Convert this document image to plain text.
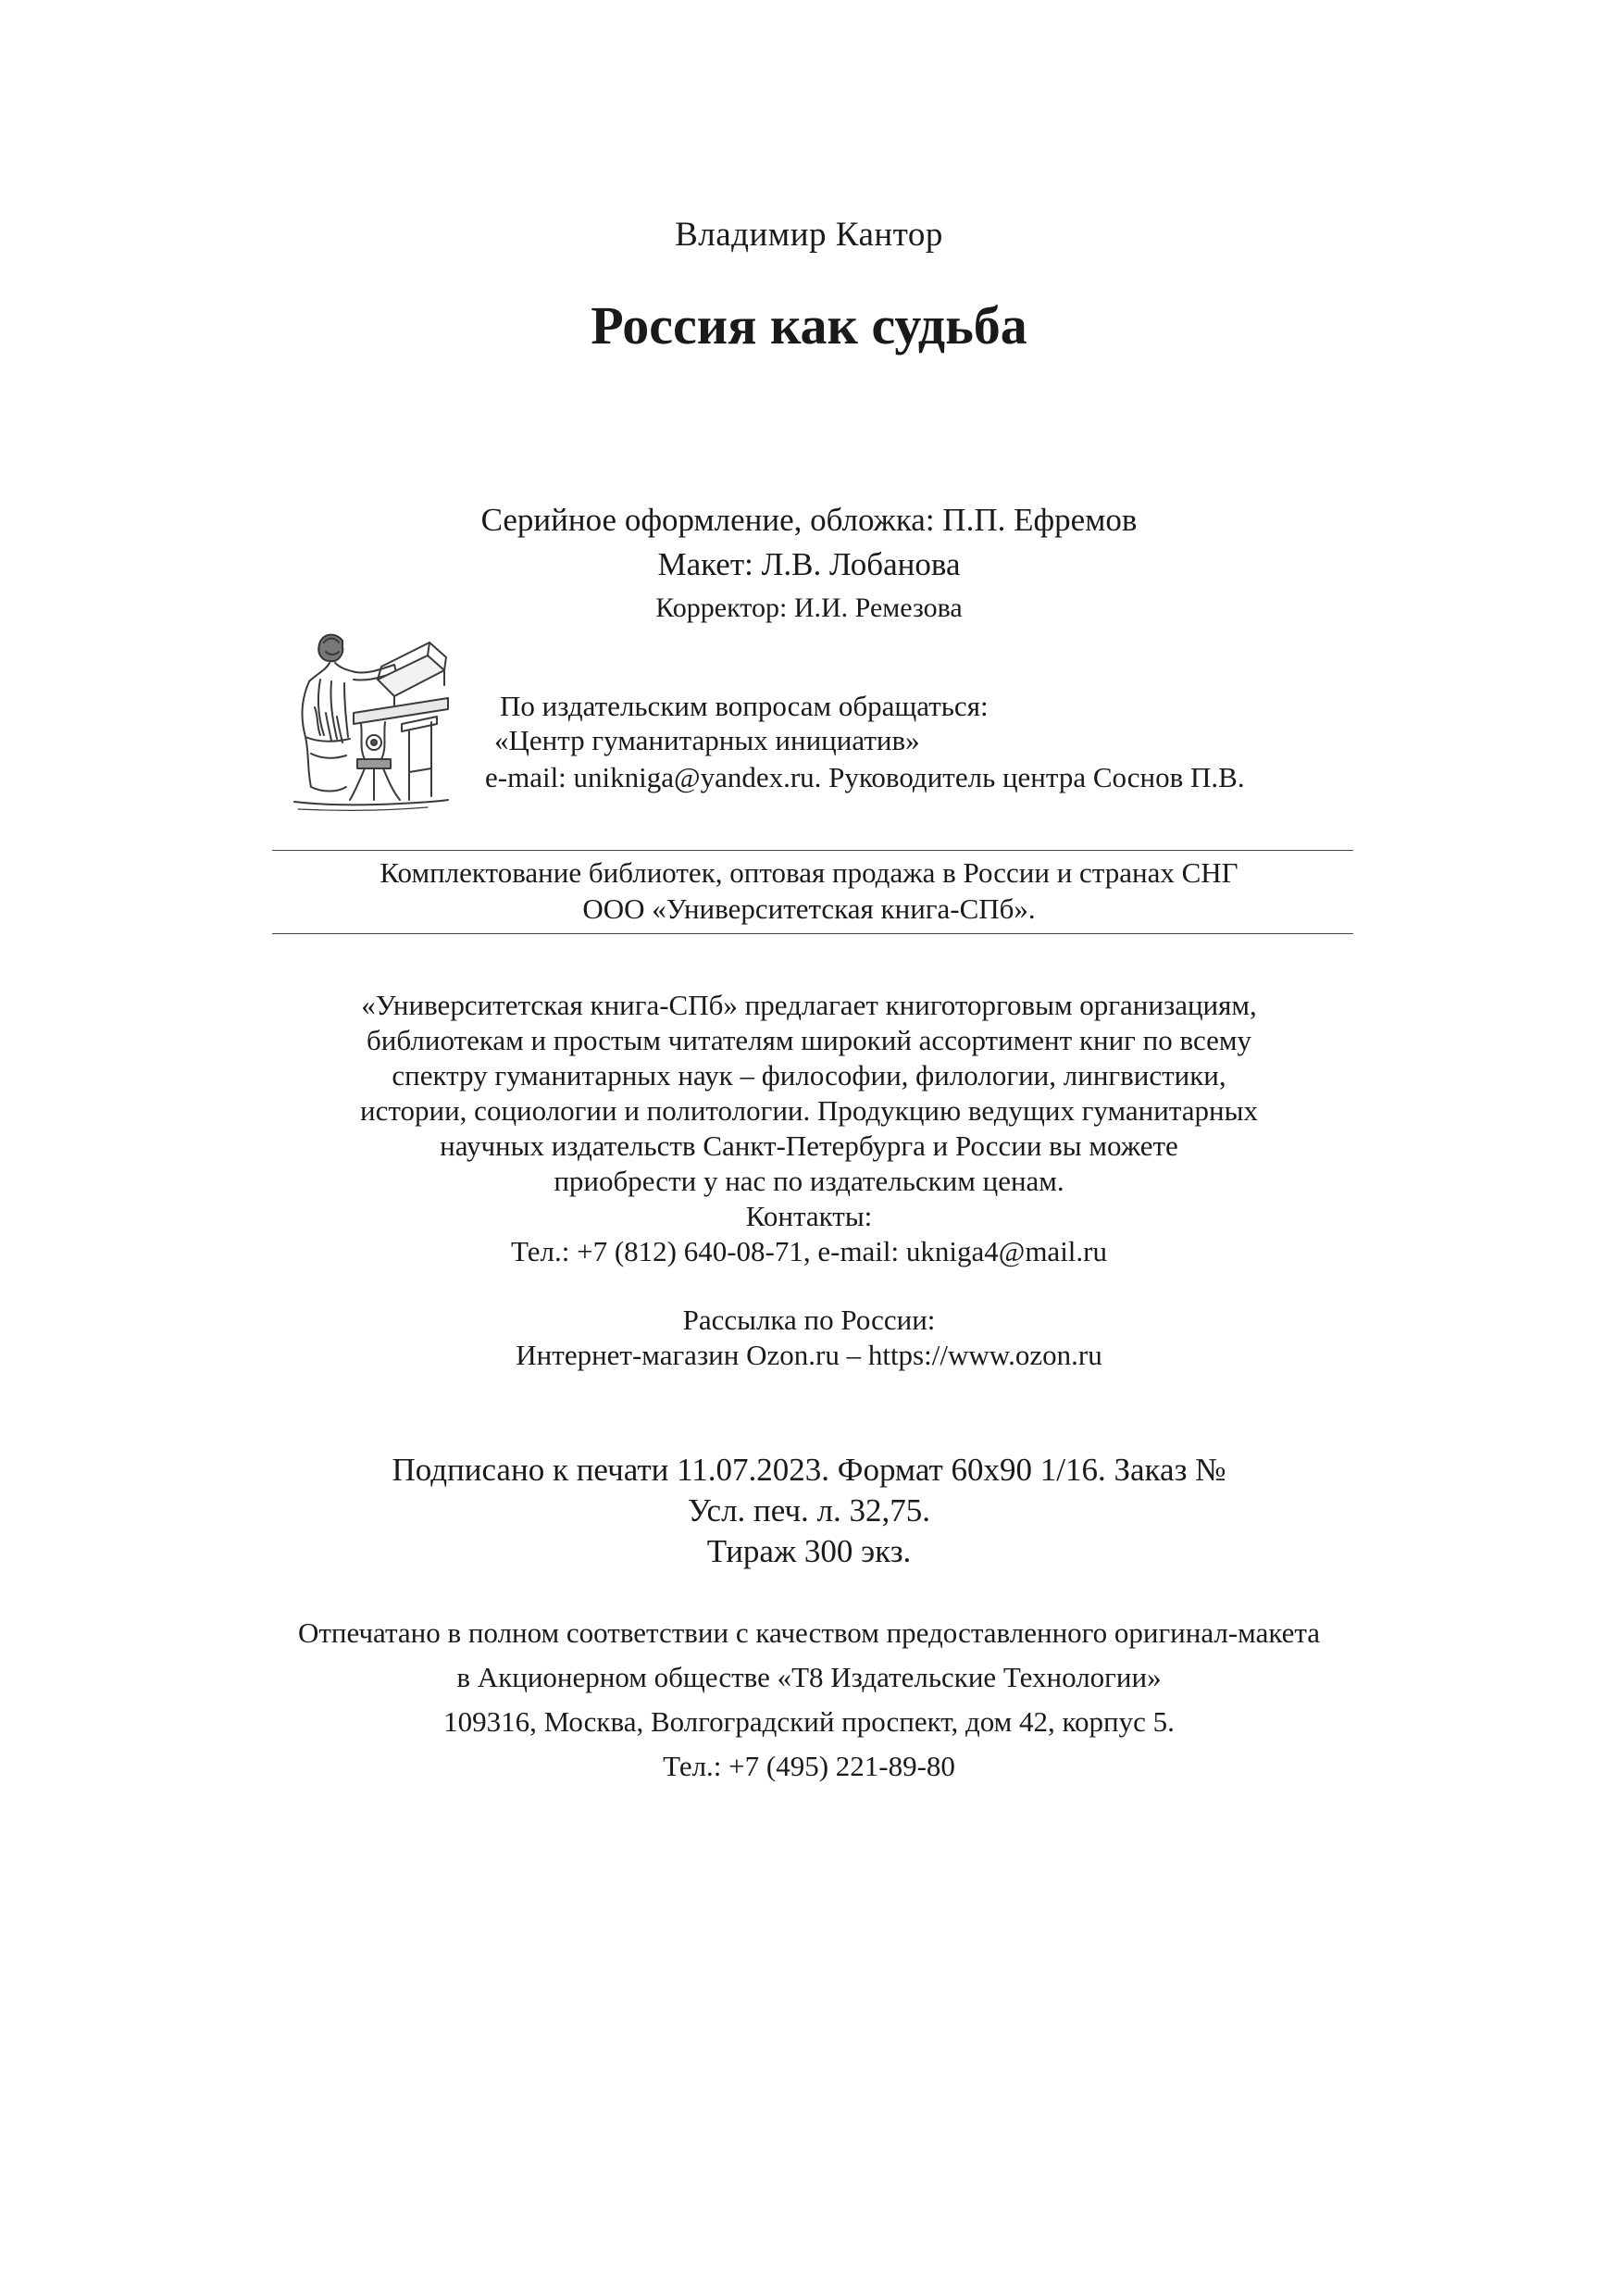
Владимир Кантор
Россия как судьба
Серийное оформление, обложка: П.П. Ефремов
Макет: Л.В. Лобанова
Корректор: И.И. Ремезова
По издательским вопросам обращаться:
«Центр гуманитарных инициатив»
e-mail: unikniga@yandex.ru. Руководитель центра Соснов П.В.
Комплектование библиотек, оптовая продажа в России и странах СНГ
ООО «Университетская книга-СПб».
«Университетская книга-СПб» предлагает книготорговым организациям,
библиотекам и простым читателям широкий ассортимент книг по всему
спектру гуманитарных наук – философии, филологии, лингвистики,
истории, социологии и политологии. Продукцию ведущих гуманитарных
научных издательств Санкт-Петербурга и России вы можете
приобрести у нас по издательским ценам.
Контакты:
Тел.: +7 (812) 640-08-71, e-mail: ukniga4@mail.ru
Рассылка по России:
Интернет-магазин Ozon.ru – https://www.ozon.ru
Подписано к печати 11.07.2023. Формат 60х90 1/16. Заказ №
Усл. печ. л. 32,75.
Тираж 300 экз.
Отпечатано в полном соответствии с качеством предоставленного оригинал-макета
в Акционерном обществе «Т8 Издательские Технологии»
109316, Москва, Волгоградский проспект, дом 42, корпус 5.
Тел.: +7 (495) 221-89-80
